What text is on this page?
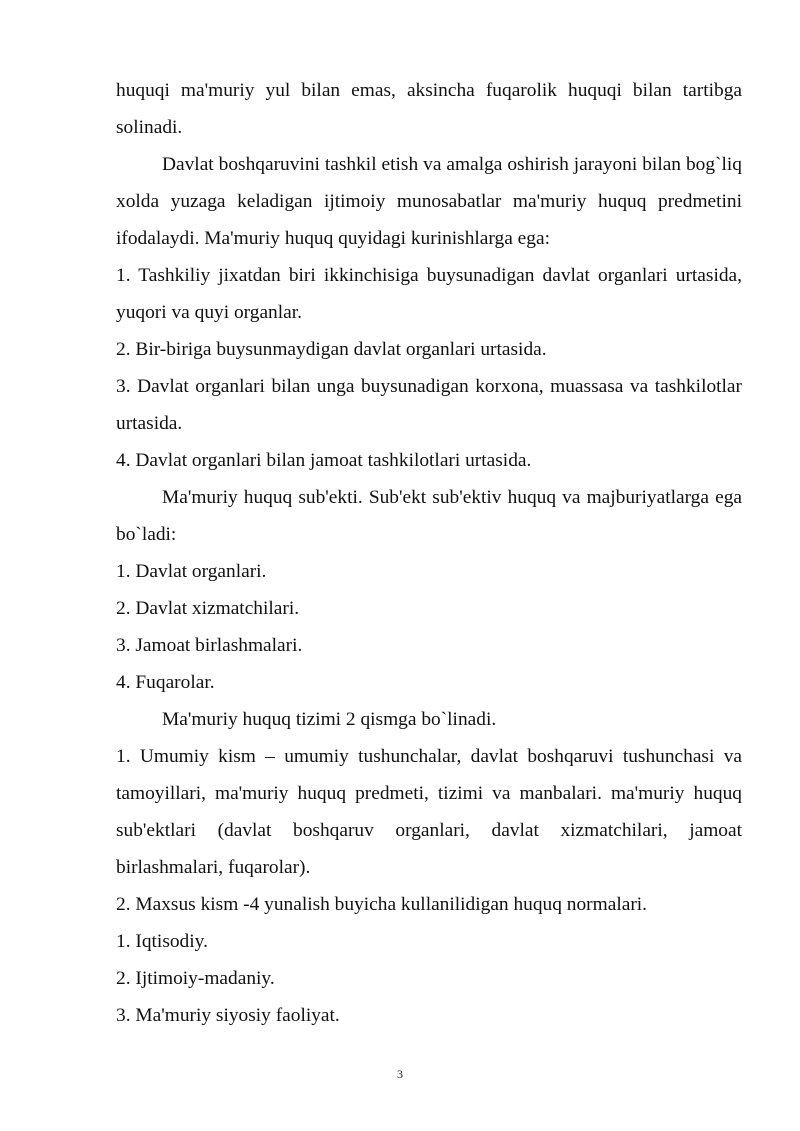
huquqi ma'muriy yul bilan emas, aksincha fuqarolik huquqi bilan tartibga solinadi.

Davlat boshqaruvini tashkil etish va amalga oshirish jarayoni bilan bog`liq xolda yuzaga keladigan ijtimoiy munosabatlar ma'muriy huquq predmetini ifodalaydi. Ma'muriy huquq quyidagi kurinishlarga ega:

1. Tashkiliy jixatdan biri ikkinchisiga buysunadigan davlat organlari urtasida, yuqori va quyi organlar.

2. Bir-biriga buysunmaydigan davlat organlari urtasida.

3. Davlat organlari bilan unga buysunadigan korxona, muassasa va tashkilotlar urtasida.

4. Davlat organlari bilan jamoat tashkilotlari urtasida.

Ma'muriy huquq sub'ekti. Sub'ekt sub'ektiv huquq va majburiyatlarga ega bo`ladi:

1. Davlat organlari.

2. Davlat xizmatchilari.

3. Jamoat birlashmalari.

4. Fuqarolar.

Ma'muriy huquq tizimi 2 qismga bo`linadi.

1. Umumiy kism – umumiy tushunchalar, davlat boshqaruvi tushunchasi va tamoyillari, ma'muriy huquq predmeti, tizimi va manbalari. ma'muriy huquq sub'ektlari (davlat boshqaruv organlari, davlat xizmatchilari, jamoat birlashmalari, fuqarolar).

2. Maxsus kism -4 yunalish buyicha kullanilidigan huquq normalari.

1. Iqtisodiy.

2. Ijtimoiy-madaniy.

3. Ma'muriy siyosiy faoliyat.

3
